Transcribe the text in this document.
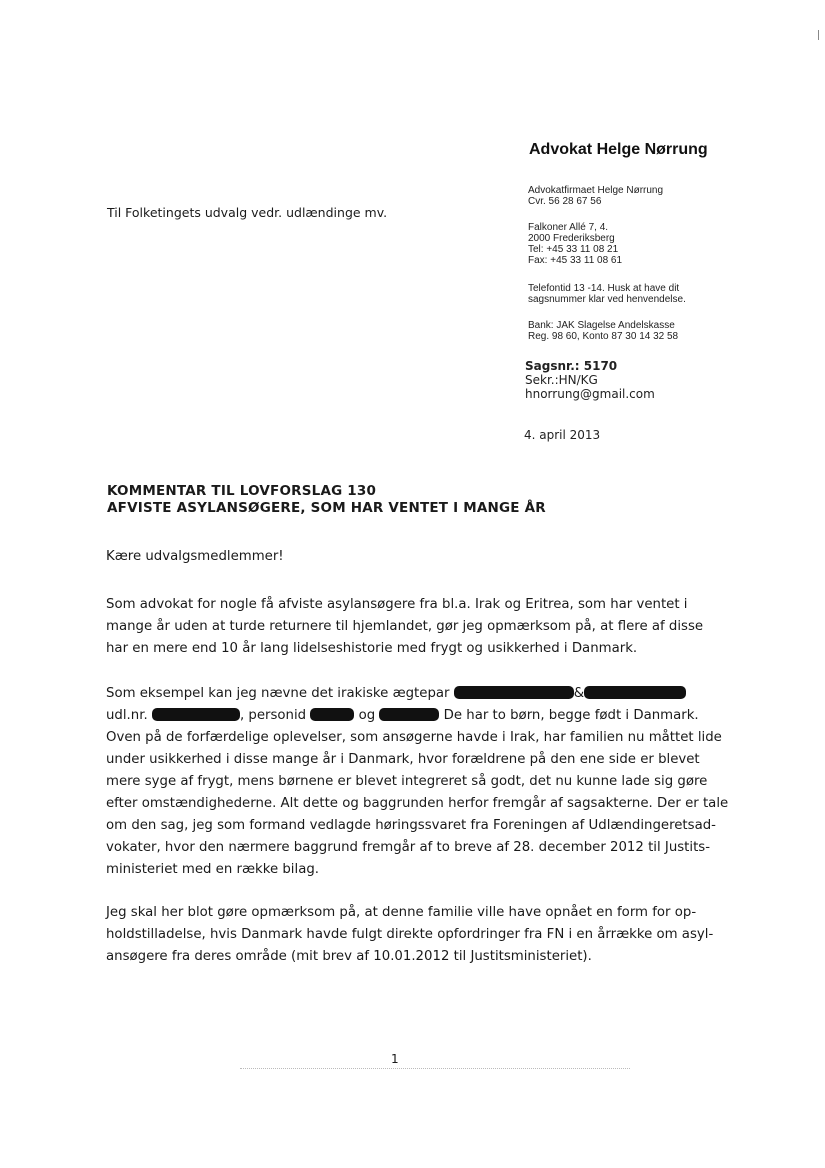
Advokat Helge Nørrung
Advokatfirmaet Helge Nørrung
Cvr. 56 28 67 56
Falkoner Allé 7, 4.
2000 Frederiksberg
Tel: +45 33 11 08 21
Fax: +45 33 11 08 61
Telefontid 13 -14. Husk at have dit
sagsnummer klar ved henvendelse.
Bank: JAK Slagelse Andelskasse
Reg. 98 60, Konto 87 30 14 32 58
Sagsnr.: 5170
Sekr.:HN/KG
hnorrung@gmail.com
4. april 2013
Til Folketingets udvalg vedr. udlændinge mv.
KOMMENTAR TIL LOVFORSLAG 130
AFVISTE ASYLANSØGERE, SOM HAR VENTET I MANGE ÅR
Kære udvalgsmedlemmer!
Som advokat for nogle få afviste asylansøgere fra bl.a. Irak og Eritrea, som har ventet i
mange år uden at turde returnere til hjemlandet, gør jeg opmærksom på, at flere af disse
har en mere end 10 år lang lidelseshistorie med frygt og usikkerhed i Danmark.
Som eksempel kan jeg nævne det irakiske ægtepar	&
udl.nr.	, personid	og	De har to børn, begge født i Danmark.
Oven på de forfærdelige oplevelser, som ansøgerne havde i Irak, har familien nu måttet lide
under usikkerhed i disse mange år i Danmark, hvor forældrene på den ene side er blevet
mere syge af frygt, mens børnene er blevet integreret så godt, det nu kunne lade sig gøre
efter omstændighederne. Alt dette og baggrunden herfor fremgår af sagsakterne. Der er tale
om den sag, jeg som formand vedlagde høringssvaret fra Foreningen af Udlændingeretsad-
vokater, hvor den nærmere baggrund fremgår af to breve af 28. december 2012 til Justits-
ministeriet med en række bilag.
Jeg skal her blot gøre opmærksom på, at denne familie ville have opnået en form for op-
holdstilladelse, hvis Danmark havde fulgt direkte opfordringer fra FN i en årrække om asyl-
ansøgere fra deres område (mit brev af 10.01.2012 til Justitsministeriet).
1
